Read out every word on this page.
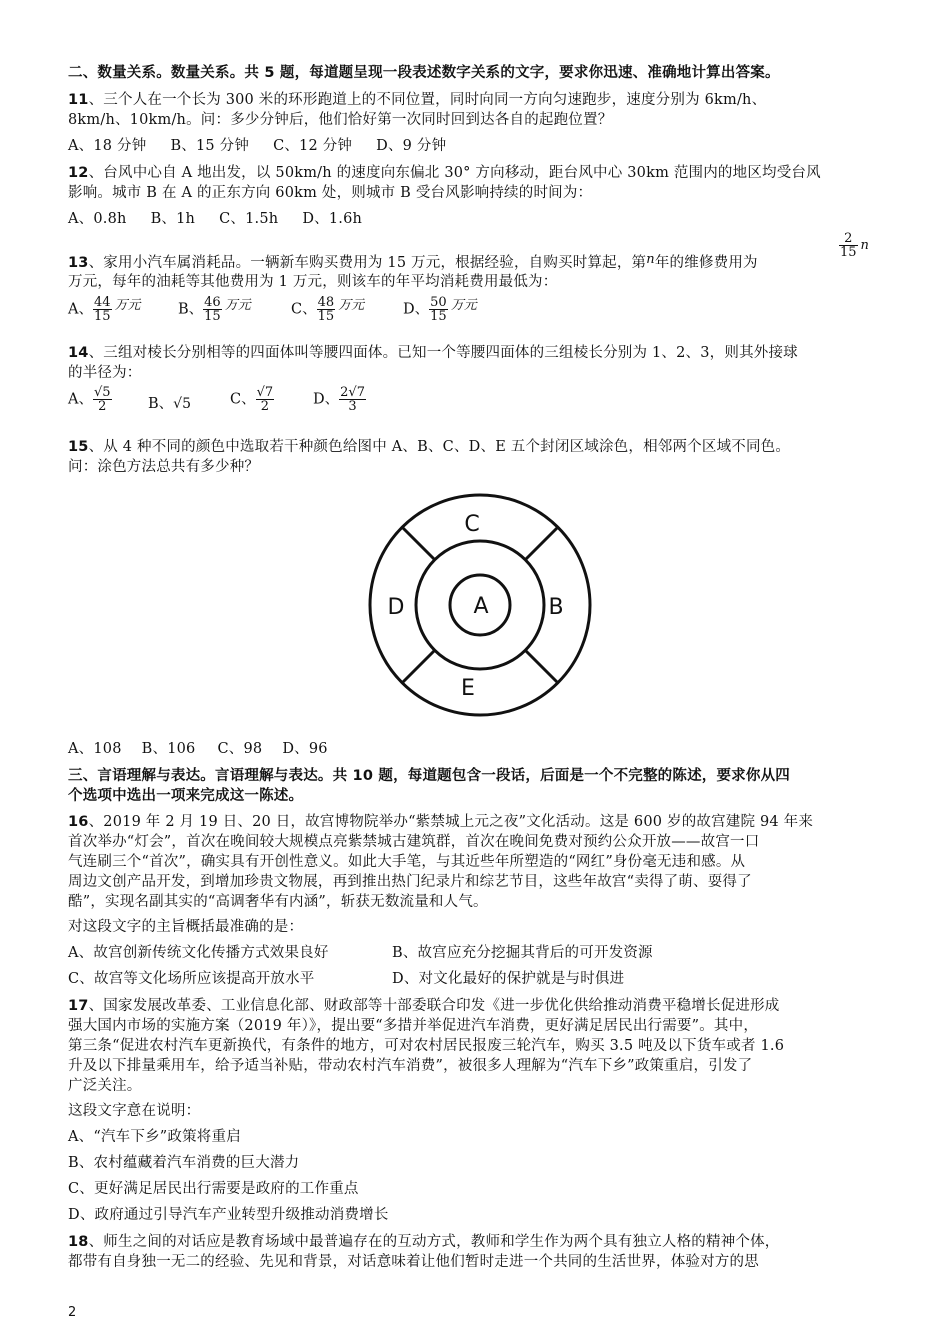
二、数量关系。数量关系。共 5 题，每道题呈现一段表述数字关系的文字，要求你迅速、准确地计算出答案。
11、三个人在一个长为 300 米的环形跑道上的不同位置，同时向同一方向匀速跑步，速度分别为 6km/h、
8km/h、10km/h。问：多少分钟后，他们恰好第一次同时回到达各自的起跑位置？
A、18 分钟 B、15 分钟 C、12 分钟 D、9 分钟
12、台风中心自 A 地出发，以 50km/h 的速度向东偏北 30° 方向移动，距台风中心 30km 范围内的地区均受台风
影响。城市 B 在 A 的正东方向 60km 处，则城市 B 受台风影响持续的时间为：
A、0.8h B、1h C、1.5h D、1.6h
13、家用小汽车属消耗品。一辆新车购买费用为 15 万元，根据经验，自购买时算起，第n年的维修费用为
$\frac{2}{15}$ n
万元，每年的油耗等其他费用为 1 万元，则该车的年平均消耗费用最低为：
A、 $\frac{44}{15}$ 万元	B、 $\frac{46}{15}$ 万元	C、 $\frac{48}{15}$ 万元	D、 $\frac{50}{15}$ 万元
14、三组对棱长分别相等的四面体叫等腰四面体。已知一个等腰四面体的三组棱长分别为 1、2、3，则其外接球
的半径为：
A、 $\frac{√5}{2}$	B、√5	C、 $\frac{√7}{2}$	D、 $\frac{2√7}{3}$
15、从 4 种不同的颜色中选取若干种颜色给图中 A、B、C、D、E 五个封闭区域涂色，相邻两个区域不同色。
问：涂色方法总共有多少种？
A	B
C
D
E
A、108 B、106 C、98 D、96
三、言语理解与表达。言语理解与表达。共 10 题，每道题包含一段话，后面是一个不完整的陈述，要求你从四
个选项中选出一项来完成这一陈述。
16、2019 年 2 月 19 日、20 日，故宫博物院举办“紫禁城上元之夜”文化活动。这是 600 岁的故宫建院 94 年来
首次举办“灯会”，首次在晚间较大规模点亮紫禁城古建筑群，首次在晚间免费对预约公众开放——故宫一口
气连刷三个“首次”，确实具有开创性意义。如此大手笔，与其近些年所塑造的“网红”身份毫无违和感。从
周边文创产品开发，到增加珍贵文物展，再到推出热门纪录片和综艺节目，这些年故宫“卖得了萌、耍得了
酷”，实现名副其实的“高调奢华有内涵”，斩获无数流量和人气。
对这段文字的主旨概括最准确的是：
A、故宫创新传统文化传播方式效果良好	B、故宫应充分挖掘其背后的可开发资源
C、故宫等文化场所应该提高开放水平	D、对文化最好的保护就是与时俱进
17、国家发展改革委、工业信息化部、财政部等十部委联合印发《进一步优化供给推动消费平稳增长促进形成
强大国内市场的实施方案（2019 年）》，提出要“多措并举促进汽车消费，更好满足居民出行需要”。其中，
第三条“促进农村汽车更新换代，有条件的地方，可对农村居民报废三轮汽车，购买 3.5 吨及以下货车或者 1.6
升及以下排量乘用车，给予适当补贴，带动农村汽车消费”，被很多人理解为“汽车下乡”政策重启，引发了
广泛关注。
这段文字意在说明：
A、“汽车下乡”政策将重启
B、农村蕴藏着汽车消费的巨大潜力
C、更好满足居民出行需要是政府的工作重点
D、政府通过引导汽车产业转型升级推动消费增长
18、师生之间的对话应是教育场域中最普遍存在的互动方式，教师和学生作为两个具有独立人格的精神个体，
都带有自身独一无二的经验、先见和背景，对话意味着让他们暂时走进一个共同的生活世界，体验对方的思
2
